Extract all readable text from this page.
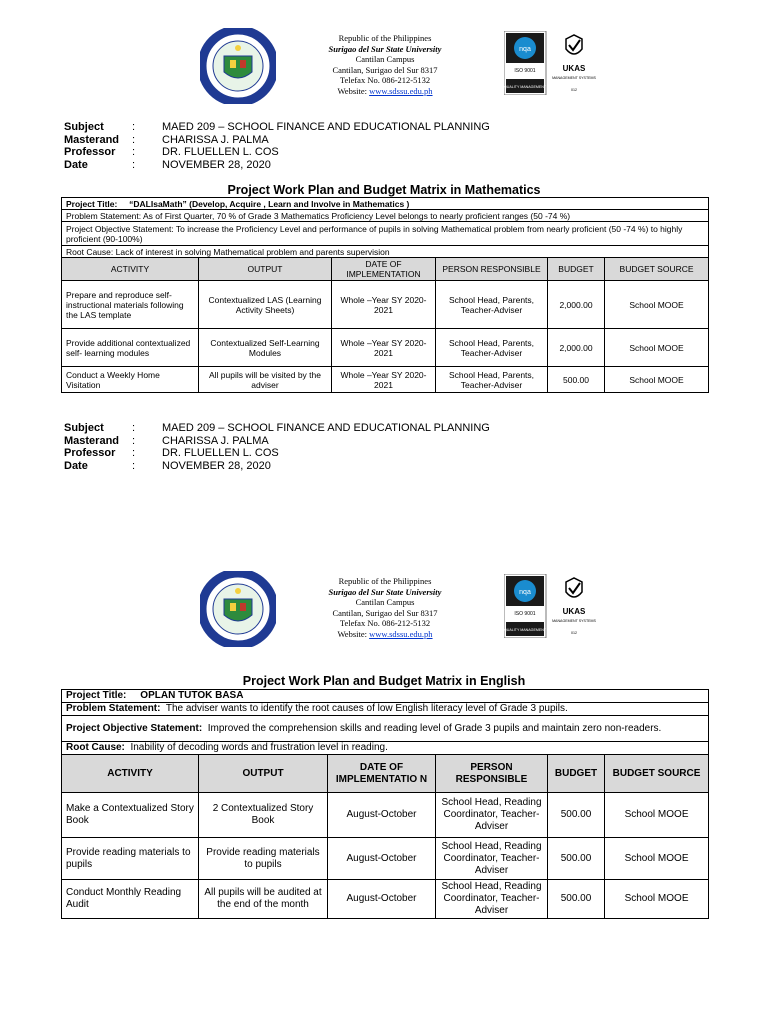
Republic of the Philippines
Surigao del Sur State University
Cantilan Campus
Cantilan, Surigao del Sur 8317
Telefax No. 086-212-5132
Website: www.sdssu.edu.ph
nqa
ISO 9001
QUALITY MANAGEMENT
UKAS
MANAGEMENT SYSTEMS
012
Subject	:	MAED 209 – SCHOOL FINANCE AND EDUCATIONAL PLANNING
Masterand	:	CHARISSA J. PALMA
Professor	:	DR. FLUELLEN L. COS
Date	:	NOVEMBER 28, 2020
Project Work Plan and Budget Matrix in Mathematics
Project Title: “DALIsaMath” (Develop, Acquire , Learn and Involve in Mathematics )					
Problem Statement: As of First Quarter, 70 % of Grade 3 Mathematics Proficiency Level belongs to nearly proficient ranges (50 -74 %)					
Project Objective Statement: To increase the Proficiency Level and performance of pupils in solving Mathematical problem from nearly proficient (50 -74 %) to highly proficient (90-100%)					
Root Cause: Lack of interest in solving Mathematical problem and parents supervision					
ACTIVITY	OUTPUT	DATE OF IMPLEMENTATION	PERSON RESPONSIBLE	BUDGET	BUDGET SOURCE
Prepare and reproduce self-instructional materials following the LAS template	Contextualized LAS (Learning Activity Sheets)	Whole –Year SY 2020-2021	School Head, Parents, Teacher-Adviser	2,000.00	School MOOE
Provide additional contextualized self- learning modules	Contextualized Self-Learning Modules	Whole –Year SY 2020-2021	School Head, Parents, Teacher-Adviser	2,000.00	School MOOE
Conduct a Weekly Home Visitation	All pupils will be visited by the adviser	Whole –Year SY 2020-2021	School Head, Parents, Teacher-Adviser	500.00	School MOOE
Subject	:	MAED 209 – SCHOOL FINANCE AND EDUCATIONAL PLANNING
Masterand	:	CHARISSA J. PALMA
Professor	:	DR. FLUELLEN L. COS
Date	:	NOVEMBER 28, 2020
Republic of the Philippines
Surigao del Sur State University
Cantilan Campus
Cantilan, Surigao del Sur 8317
Telefax No. 086-212-5132
Website: www.sdssu.edu.ph
nqa
ISO 9001
QUALITY MANAGEMENT
UKAS
MANAGEMENT SYSTEMS
012
Project Work Plan and Budget Matrix in English
Project Title: OPLAN TUTOK BASA					
Problem Statement: The adviser wants to identify the root causes of low English literacy level of Grade 3 pupils.					
Project Objective Statement: Improved the comprehension skills and reading level of Grade 3 pupils and maintain zero non-readers.					
Root Cause: Inability of decoding words and frustration level in reading.					
ACTIVITY	OUTPUT	DATE OF IMPLEMENTATIO N	PERSON RESPONSIBLE	BUDGET	BUDGET SOURCE
Make a Contextualized Story Book	2 Contextualized Story Book	August-October	School Head, Reading Coordinator, Teacher-Adviser	500.00	School MOOE
Provide reading materials to pupils	Provide reading materials to pupils	August-October	School Head, Reading Coordinator, Teacher-Adviser	500.00	School MOOE
Conduct Monthly Reading Audit	All pupils will be audited at the end of the month	August-October	School Head, Reading Coordinator, Teacher-Adviser	500.00	School MOOE
